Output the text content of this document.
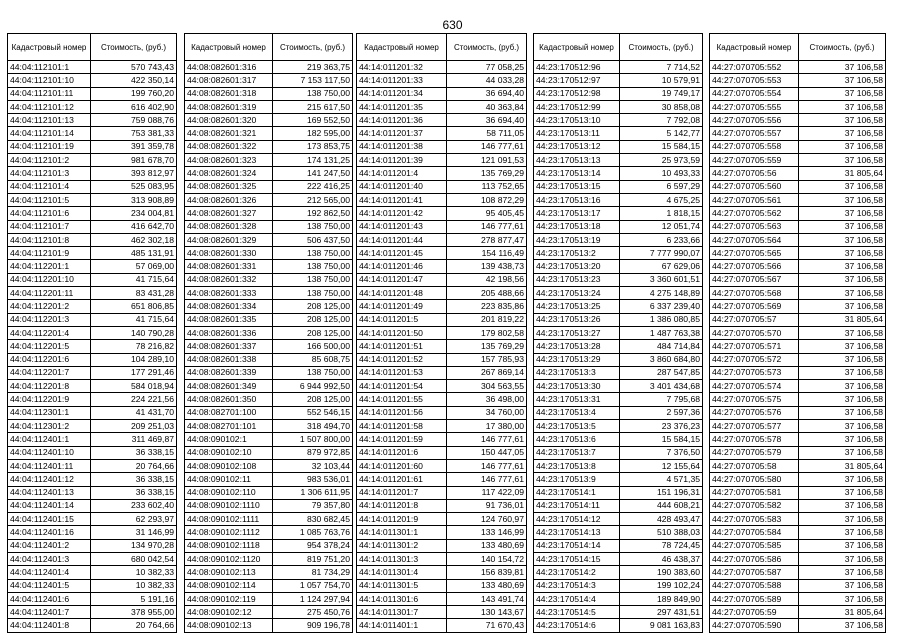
630
Кадастровый номер	Стоимость, (руб.)
44:04:112101:1	570 743,43
44:04:112101:10	422 350,14
44:04:112101:11	199 760,20
44:04:112101:12	616 402,90
44:04:112101:13	759 088,76
44:04:112101:14	753 381,33
44:04:112101:19	391 359,78
44:04:112101:2	981 678,70
44:04:112101:3	393 812,97
44:04:112101:4	525 083,95
44:04:112101:5	313 908,89
44:04:112101:6	234 004,81
44:04:112101:7	416 642,70
44:04:112101:8	462 302,18
44:04:112101:9	485 131,91
44:04:112201:1	57 069,00
44:04:112201:10	41 715,64
44:04:112201:11	83 431,28
44:04:112201:2	651 806,85
44:04:112201:3	41 715,64
44:04:112201:4	140 790,28
44:04:112201:5	78 216,82
44:04:112201:6	104 289,10
44:04:112201:7	177 291,46
44:04:112201:8	584 018,94
44:04:112201:9	224 221,56
44:04:112301:1	41 431,70
44:04:112301:2	209 251,03
44:04:112401:1	311 469,87
44:04:112401:10	36 338,15
44:04:112401:11	20 764,66
44:04:112401:12	36 338,15
44:04:112401:13	36 338,15
44:04:112401:14	233 602,40
44:04:112401:15	62 293,97
44:04:112401:16	31 146,99
44:04:112401:2	134 970,28
44:04:112401:3	680 042,54
44:04:112401:4	10 382,33
44:04:112401:5	10 382,33
44:04:112401:6	5 191,16
44:04:112401:7	378 955,00
44:04:112401:8	20 764,66
Кадастровый номер	Стоимость, (руб.)
44:08:082601:316	219 363,75
44:08:082601:317	7 153 117,50
44:08:082601:318	138 750,00
44:08:082601:319	215 617,50
44:08:082601:320	169 552,50
44:08:082601:321	182 595,00
44:08:082601:322	173 853,75
44:08:082601:323	174 131,25
44:08:082601:324	141 247,50
44:08:082601:325	222 416,25
44:08:082601:326	212 565,00
44:08:082601:327	192 862,50
44:08:082601:328	138 750,00
44:08:082601:329	506 437,50
44:08:082601:330	138 750,00
44:08:082601:331	138 750,00
44:08:082601:332	138 750,00
44:08:082601:333	138 750,00
44:08:082601:334	208 125,00
44:08:082601:335	208 125,00
44:08:082601:336	208 125,00
44:08:082601:337	166 500,00
44:08:082601:338	85 608,75
44:08:082601:339	138 750,00
44:08:082601:349	6 944 992,50
44:08:082601:350	208 125,00
44:08:082701:100	552 546,15
44:08:082701:101	318 494,70
44:08:090102:1	1 507 800,00
44:08:090102:10	879 972,85
44:08:090102:108	32 103,44
44:08:090102:11	983 536,01
44:08:090102:110	1 306 611,95
44:08:090102:1110	79 357,80
44:08:090102:1111	830 682,45
44:08:090102:1112	1 085 763,76
44:08:090102:1118	954 378,24
44:08:090102:1120	819 751,20
44:08:090102:113	81 734,29
44:08:090102:114	1 057 754,70
44:08:090102:119	1 124 297,94
44:08:090102:12	275 450,76
44:08:090102:13	909 196,78
Кадастровый номер	Стоимость, (руб.)
44:14:011201:32	77 058,25
44:14:011201:33	44 033,28
44:14:011201:34	36 694,40
44:14:011201:35	40 363,84
44:14:011201:36	36 694,40
44:14:011201:37	58 711,05
44:14:011201:38	146 777,61
44:14:011201:39	121 091,53
44:14:011201:4	135 769,29
44:14:011201:40	113 752,65
44:14:011201:41	108 872,29
44:14:011201:42	95 405,45
44:14:011201:43	146 777,61
44:14:011201:44	278 877,47
44:14:011201:45	154 116,49
44:14:011201:46	139 438,73
44:14:011201:47	42 198,56
44:14:011201:48	205 488,66
44:14:011201:49	223 835,86
44:14:011201:5	201 819,22
44:14:011201:50	179 802,58
44:14:011201:51	135 769,29
44:14:011201:52	157 785,93
44:14:011201:53	267 869,14
44:14:011201:54	304 563,55
44:14:011201:55	36 498,00
44:14:011201:56	34 760,00
44:14:011201:58	17 380,00
44:14:011201:59	146 777,61
44:14:011201:6	150 447,05
44:14:011201:60	146 777,61
44:14:011201:61	146 777,61
44:14:011201:7	117 422,09
44:14:011201:8	91 736,01
44:14:011201:9	124 760,97
44:14:011301:1	133 146,99
44:14:011301:2	133 480,69
44:14:011301:3	140 154,72
44:14:011301:4	156 839,81
44:14:011301:5	133 480,69
44:14:011301:6	143 491,74
44:14:011301:7	130 143,67
44:14:011401:1	71 670,43
Кадастровый номер	Стоимость, (руб.)
44:23:170512:96	7 714,52
44:23:170512:97	10 579,91
44:23:170512:98	19 749,17
44:23:170512:99	30 858,08
44:23:170513:10	7 792,08
44:23:170513:11	5 142,77
44:23:170513:12	15 584,15
44:23:170513:13	25 973,59
44:23:170513:14	10 493,33
44:23:170513:15	6 597,29
44:23:170513:16	4 675,25
44:23:170513:17	1 818,15
44:23:170513:18	12 051,74
44:23:170513:19	6 233,66
44:23:170513:2	7 777 990,07
44:23:170513:20	67 629,06
44:23:170513:23	3 360 601,51
44:23:170513:24	4 275 148,89
44:23:170513:25	6 337 239,40
44:23:170513:26	1 386 080,85
44:23:170513:27	1 487 763,38
44:23:170513:28	484 714,84
44:23:170513:29	3 860 684,80
44:23:170513:3	287 547,85
44:23:170513:30	3 401 434,68
44:23:170513:31	7 795,68
44:23:170513:4	2 597,36
44:23:170513:5	23 376,23
44:23:170513:6	15 584,15
44:23:170513:7	7 376,50
44:23:170513:8	12 155,64
44:23:170513:9	4 571,35
44:23:170514:1	151 196,31
44:23:170514:11	444 608,21
44:23:170514:12	428 493,47
44:23:170514:13	510 388,03
44:23:170514:14	78 724,45
44:23:170514:15	46 438,37
44:23:170514:2	190 383,60
44:23:170514:3	199 102,24
44:23:170514:4	189 849,90
44:23:170514:5	297 431,51
44:23:170514:6	9 081 163,83
Кадастровый номер	Стоимость, (руб.)
44:27:070705:552	37 106,58
44:27:070705:553	37 106,58
44:27:070705:554	37 106,58
44:27:070705:555	37 106,58
44:27:070705:556	37 106,58
44:27:070705:557	37 106,58
44:27:070705:558	37 106,58
44:27:070705:559	37 106,58
44:27:070705:56	31 805,64
44:27:070705:560	37 106,58
44:27:070705:561	37 106,58
44:27:070705:562	37 106,58
44:27:070705:563	37 106,58
44:27:070705:564	37 106,58
44:27:070705:565	37 106,58
44:27:070705:566	37 106,58
44:27:070705:567	37 106,58
44:27:070705:568	37 106,58
44:27:070705:569	37 106,58
44:27:070705:57	31 805,64
44:27:070705:570	37 106,58
44:27:070705:571	37 106,58
44:27:070705:572	37 106,58
44:27:070705:573	37 106,58
44:27:070705:574	37 106,58
44:27:070705:575	37 106,58
44:27:070705:576	37 106,58
44:27:070705:577	37 106,58
44:27:070705:578	37 106,58
44:27:070705:579	37 106,58
44:27:070705:58	31 805,64
44:27:070705:580	37 106,58
44:27:070705:581	37 106,58
44:27:070705:582	37 106,58
44:27:070705:583	37 106,58
44:27:070705:584	37 106,58
44:27:070705:585	37 106,58
44:27:070705:586	37 106,58
44:27:070705:587	37 106,58
44:27:070705:588	37 106,58
44:27:070705:589	37 106,58
44:27:070705:59	31 805,64
44:27:070705:590	37 106,58
